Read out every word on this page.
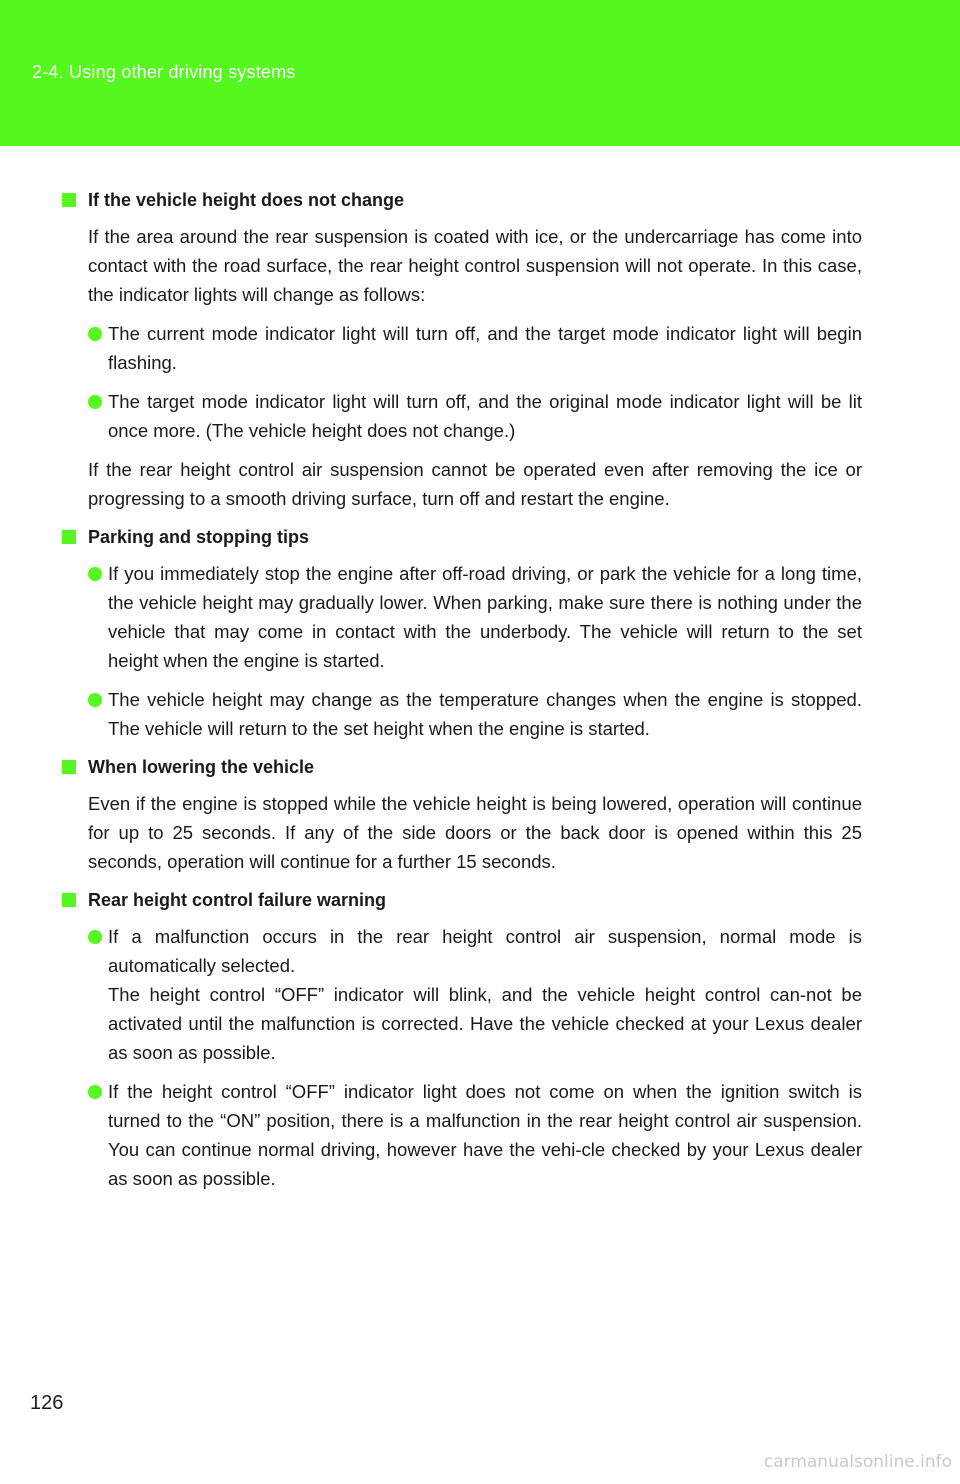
2-4. Using other driving systems
If the vehicle height does not change

If the area around the rear suspension is coated with ice, or the undercarriage has come into contact with the road surface, the rear height control suspension will not operate. In this case, the indicator lights will change as follows:

The current mode indicator light will turn off, and the target mode indicator light will begin flashing.
The target mode indicator light will turn off, and the original mode indicator light will be lit once more. (The vehicle height does not change.)

If the rear height control air suspension cannot be operated even after removing the ice or progressing to a smooth driving surface, turn off and restart the engine.

Parking and stopping tips
If you immediately stop the engine after off-road driving, or park the vehicle for a long time, the vehicle height may gradually lower. When parking, make sure there is nothing under the vehicle that may come in contact with the underbody. The vehicle will return to the set height when the engine is started.
The vehicle height may change as the temperature changes when the engine is stopped. The vehicle will return to the set height when the engine is started.
When lowering the vehicle

Even if the engine is stopped while the vehicle height is being lowered, operation will continue for up to 25 seconds. If any of the side doors or the back door is opened within this 25 seconds, operation will continue for a further 15 seconds.

Rear height control failure warning
If a malfunction occurs in the rear height control air suspension, normal mode is automatically selected.
The height control “OFF” indicator will blink, and the vehicle height control can-not be activated until the malfunction is corrected. Have the vehicle checked at your Lexus dealer as soon as possible.
If the height control “OFF” indicator light does not come on when the ignition switch is turned to the “ON” position, there is a malfunction in the rear height control air suspension. You can continue normal driving, however have the vehi-cle checked by your Lexus dealer as soon as possible.
126
carmanualsonline.info
